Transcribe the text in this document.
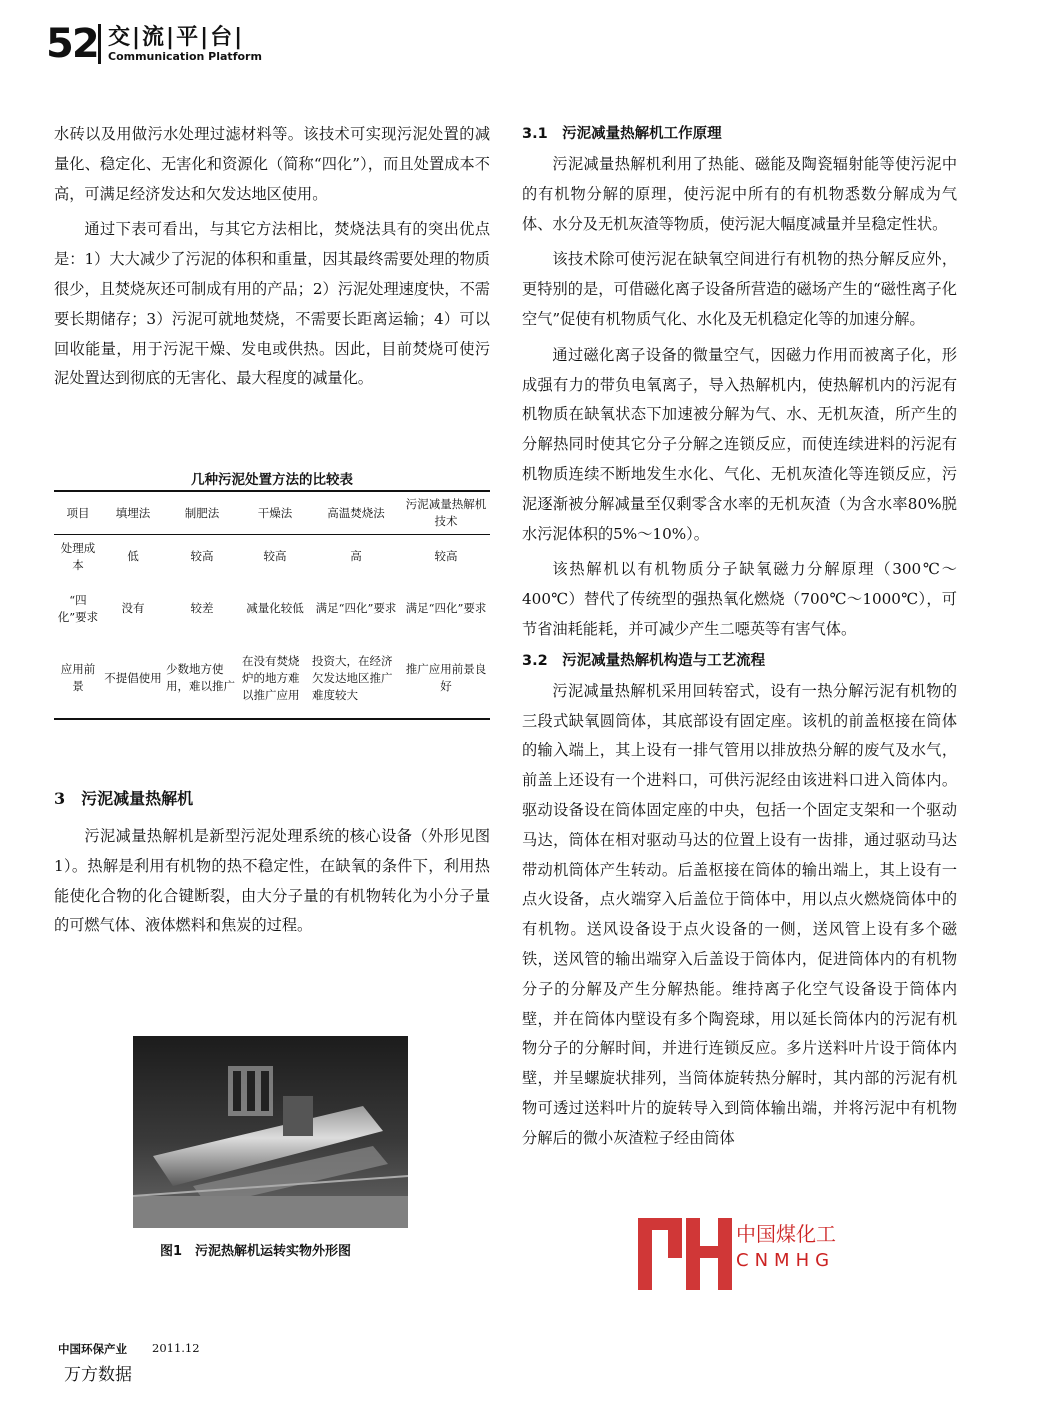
52 交|流|平|台|
Communication Platform

水砖以及用做污水处理过滤材料等。该技术可实现污泥处置的减量化、稳定化、无害化和资源化（简称“四化”），而且处置成本不高，可满足经济发达和欠发达地区使用。

通过下表可看出，与其它方法相比，焚烧法具有的突出优点是：1）大大减少了污泥的体积和重量，因其最终需要处理的物质很少，且焚烧灰还可制成有用的产品；2）污泥处理速度快，不需要长期储存；3）污泥可就地焚烧，不需要长距离运输；4）可以回收能量，用于污泥干燥、发电或供热。因此，目前焚烧可使污泥处置达到彻底的无害化、最大程度的减量化。

几种污泥处置方法的比较表
项目	填埋法	制肥法	干燥法	高温焚烧法	污泥减量热解机技术
处理成本	低	较高	较高	高	较高
“四化”要求	没有	较差	减量化较低	满足“四化”要求	满足“四化”要求
应用前景	不提倡使用	少数地方使用，难以推广	在没有焚烧炉的地方难以推广应用	投资大，在经济欠发达地区推广难度较大	推广应用前景良好
3　污泥减量热解机

污泥减量热解机是新型污泥处理系统的核心设备（外形见图1）。热解是利用有机物的热不稳定性，在缺氧的条件下，利用热能使化合物的化合键断裂，由大分子量的有机物转化为小分子量的可燃气体、液体燃料和焦炭的过程。

图1　污泥热解机运转实物外形图

3.1　污泥减量热解机工作原理

污泥减量热解机利用了热能、磁能及陶瓷辐射能等使污泥中的有机物分解的原理，使污泥中所有的有机物悉数分解成为气体、水分及无机灰渣等物质，使污泥大幅度减量并呈稳定性状。

该技术除可使污泥在缺氧空间进行有机物的热分解反应外，更特别的是，可借磁化离子设备所营造的磁场产生的“磁性离子化空气”促使有机物质气化、水化及无机稳定化等的加速分解。

通过磁化离子设备的微量空气，因磁力作用而被离子化，形成强有力的带负电氧离子，导入热解机内，使热解机内的污泥有机物质在缺氧状态下加速被分解为气、水、无机灰渣，所产生的分解热同时使其它分子分解之连锁反应，而使连续进料的污泥有机物质连续不断地发生水化、气化、无机灰渣化等连锁反应，污泥逐渐被分解减量至仅剩零含水率的无机灰渣（为含水率80%脱水污泥体积的5%～10%）。

该热解机以有机物质分子缺氧磁力分解原理（300℃～400℃）替代了传统型的强热氧化燃烧（700℃～1000℃），可节省油耗能耗，并可减少产生二噁英等有害气体。

3.2　污泥减量热解机构造与工艺流程

污泥减量热解机采用回转窑式，设有一热分解污泥有机物的三段式缺氧圆筒体，其底部设有固定座。该机的前盖枢接在筒体的输入端上，其上设有一排气管用以排放热分解的废气及水气，前盖上还设有一个进料口，可供污泥经由该进料口进入筒体内。驱动设备设在筒体固定座的中央，包括一个固定支架和一个驱动马达，筒体在相对驱动马达的位置上设有一齿排，通过驱动马达带动机筒体产生转动。后盖枢接在筒体的输出端上，其上设有一点火设备，点火端穿入后盖位于筒体中，用以点火燃烧筒体中的有机物。送风设备设于点火设备的一侧，送风管上设有多个磁铁，送风管的输出端穿入后盖设于筒体内，促进筒体内的有机物分子的分解及产生分解热能。维持离子化空气设备设于筒体内壁，并在筒体内壁设有多个陶瓷球，用以延长筒体内的污泥有机物分子的分解时间，并进行连锁反应。多片送料叶片设于筒体内壁，并呈螺旋状排列，当筒体旋转热分解时，其内部的污泥有机物可透过送料叶片的旋转导入到筒体输出端，并将污泥中有机物分解后的微小灰渣粒子经由筒体

中国煤化工
CNMHG
中国环保产业 2011.12
万方数据
